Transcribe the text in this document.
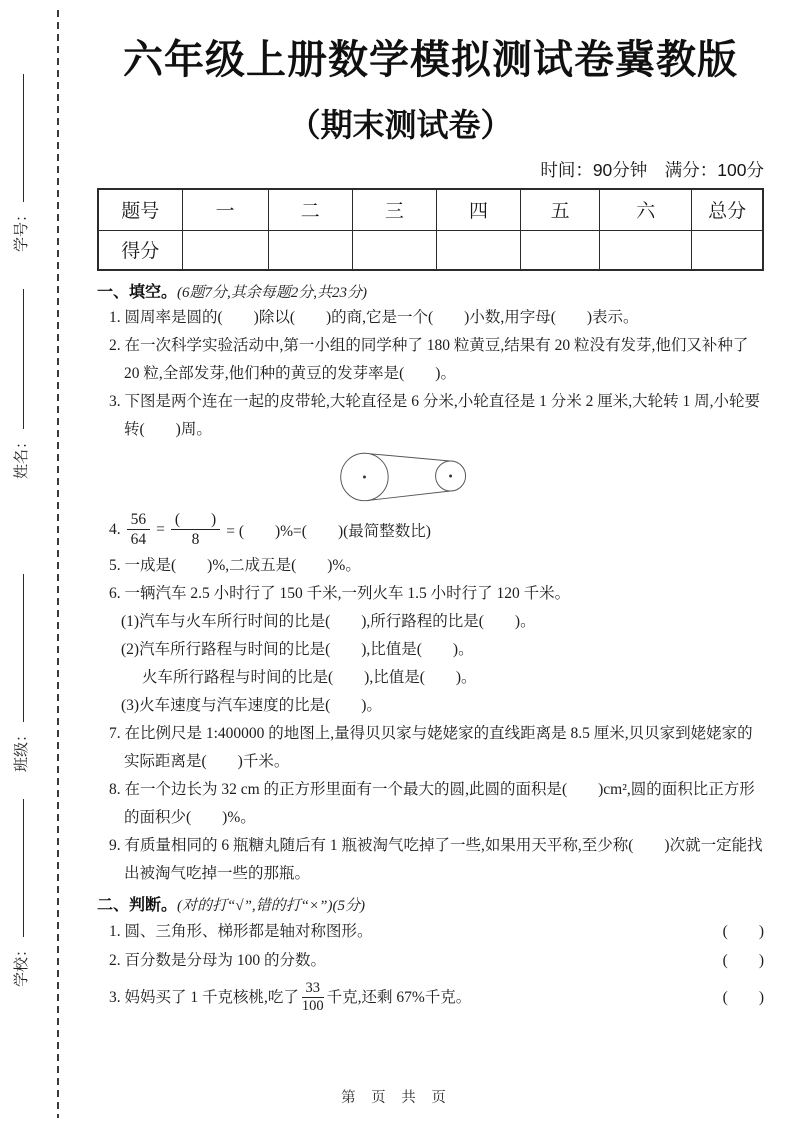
学号：
姓名：
班级：
学校：
六年级上册数学模拟测试卷冀教版
（期末测试卷）
时间：90分钟　满分：100分
题号	一	二	三	四	五	六	总分
得分							
一、填空。(6题7分,其余每题2分,共23分)
1. 圆周率是圆的(　　)除以(　　)的商,它是一个(　　)小数,用字母(　　)表示。
2. 在一次科学实验活动中,第一小组的同学种了 180 粒黄豆,结果有 20 粒没有发芽,他们又补种了 20 粒,全部发芽,他们种的黄豆的发芽率是(　　)。
3. 下图是两个连在一起的皮带轮,大轮直径是 6 分米,小轮直径是 1 分米 2 厘米,大轮转 1 周,小轮要转(　　)周。
4. $\frac{56}{64} = \frac{( )}{8}$ = (　　)%=(　　)(最简整数比)
5. 一成是(　　)%,二成五是(　　)%。
6. 一辆汽车 2.5 小时行了 150 千米,一列火车 1.5 小时行了 120 千米。
(1)汽车与火车所行时间的比是(　　),所行路程的比是(　　)。
(2)汽车所行路程与时间的比是(　　),比值是(　　)。
火车所行路程与时间的比是(　　),比值是(　　)。
(3)火车速度与汽车速度的比是(　　)。
7. 在比例尺是 1:400000 的地图上,量得贝贝家与姥姥家的直线距离是 8.5 厘米,贝贝家到姥姥家的实际距离是(　　)千米。
8. 在一个边长为 32 cm 的正方形里面有一个最大的圆,此圆的面积是(　　)cm²,圆的面积比正方形的面积少(　　)%。
9. 有质量相同的 6 瓶糖丸随后有 1 瓶被淘气吃掉了一些,如果用天平称,至少称(　　)次就一定能找出被淘气吃掉一些的那瓶。
二、判断。(对的打“√”,错的打“×”)(5分)
1. 圆、三角形、梯形都是轴对称图形。	(　　)
2. 百分数是分母为 100 的分数。	(　　)
3. 妈妈买了 1 千克核桃,吃了 $\frac{33}{100}$ 千克,还剩 67%千克。	(　　)
第 页 共 页
